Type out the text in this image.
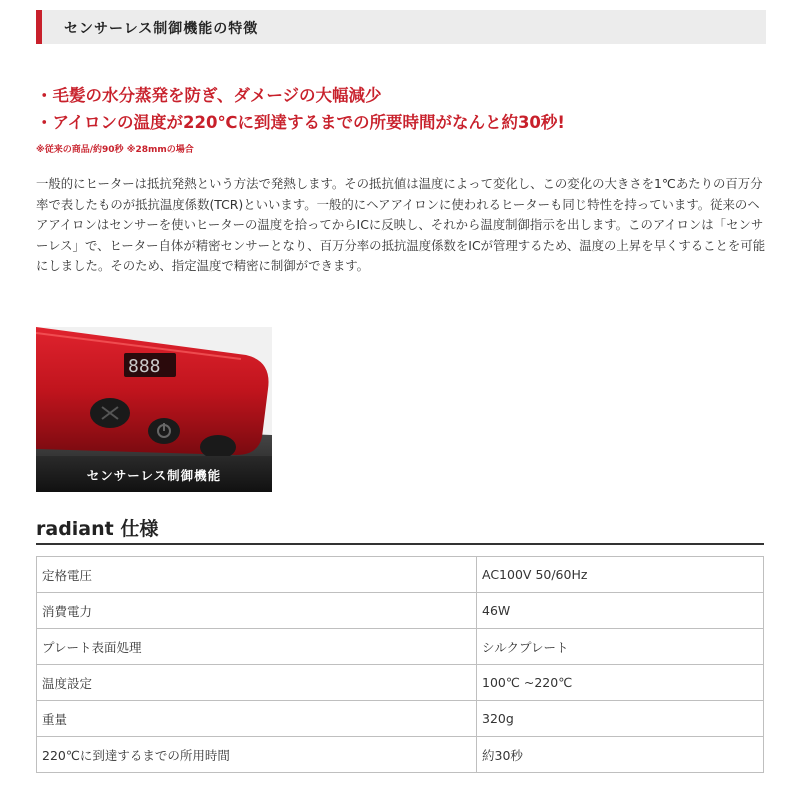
センサーレス制御機能の特徴
・毛髪の水分蒸発を防ぎ、ダメージの大幅減少
・アイロンの温度が220℃に到達するまでの所要時間がなんと約30秒!
※従来の商品/約90秒 ※28mmの場合
一般的にヒーターは抵抗発熱という方法で発熱します。その抵抗値は温度によって変化し、この変化の大きさを1℃あたりの百万分率で表したものが抵抗温度係数(TCR)といいます。一般的にヘアアイロンに使われるヒーターも同じ特性を持っています。従来のヘアアイロンはセンサーを使いヒーターの温度を拾ってからICに反映し、それから温度制御指示を出します。このアイロンは「センサーレス」で、ヒーター自体が精密センサーとなり、百万分率の抵抗温度係数をICが管理するため、温度の上昇を早くすることを可能にしました。そのため、指定温度で精密に制御ができます。
888
センサーレス制御機能
radiant 仕様
定格電圧	AC100V 50/60Hz
消費電力	46W
プレート表面処理	シルクプレート
温度設定	100℃ ~220℃
重量	320g
220℃に到達するまでの所用時間	約30秒
